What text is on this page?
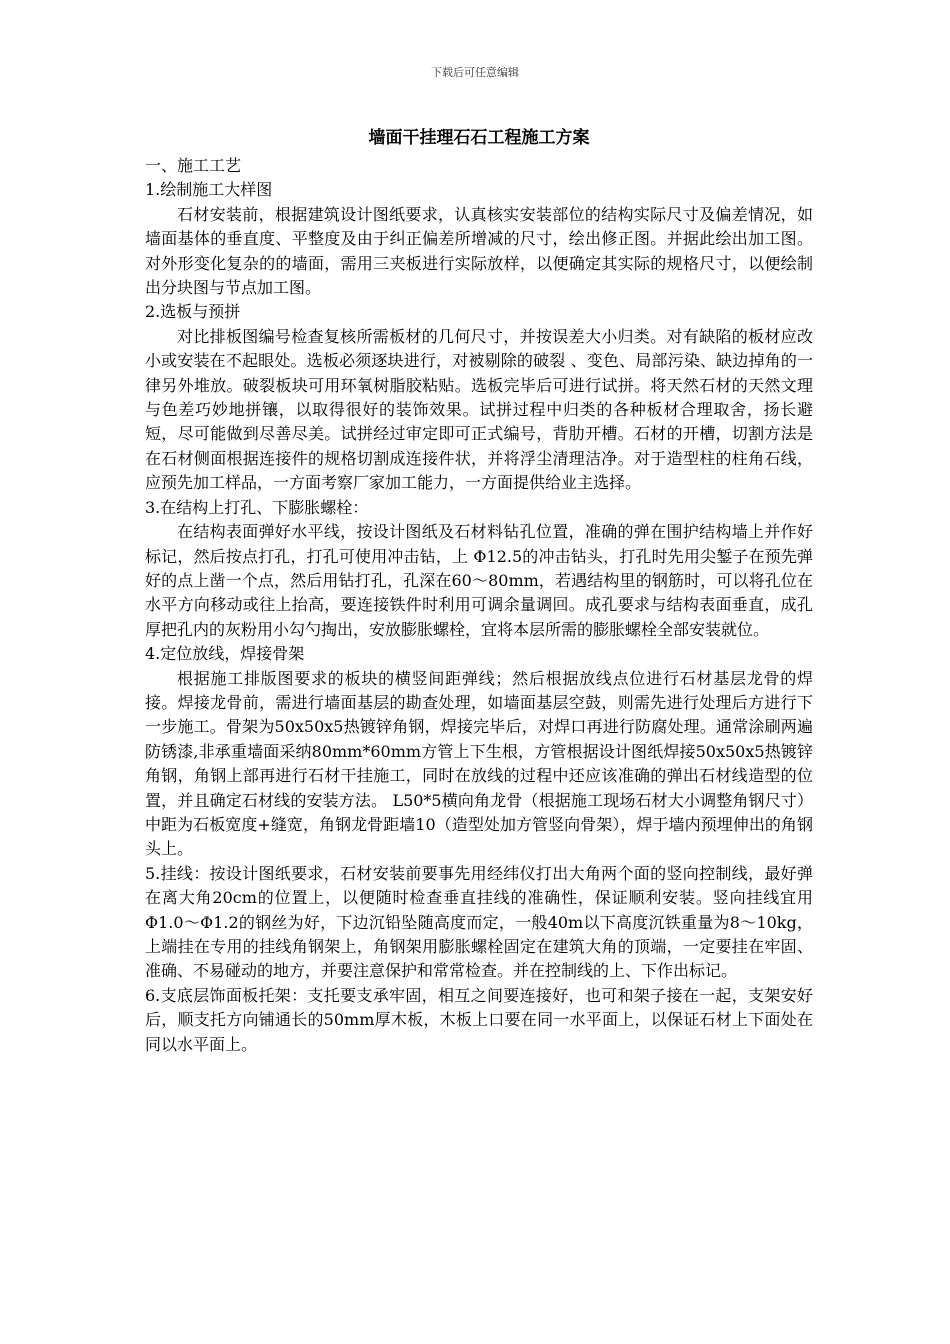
下载后可任意编辑
墙面干挂理石石工程施工方案

一、施工工艺

1.绘制施工大样图

石材安装前，根据建筑设计图纸要求，认真核实安装部位的结构实际尺寸及偏差情况，如墙面基体的垂直度、平整度及由于纠正偏差所增减的尺寸，绘出修正图。并据此绘出加工图。对外形变化复杂的的墙面，需用三夹板进行实际放样，以便确定其实际的规格尺寸，以便绘制出分块图与节点加工图。

2.选板与预拼

对比排板图编号检查复核所需板材的几何尺寸，并按误差大小归类。对有缺陷的板材应改小或安装在不起眼处。选板必须逐块进行，对被剔除的破裂 、变色、局部污染、缺边掉角的一律另外堆放。破裂板块可用环氧树脂胶粘贴。选板完毕后可进行试拼。将天然石材的天然文理与色差巧妙地拼镶，以取得很好的装饰效果。试拼过程中归类的各种板材合理取舍，扬长避短，尽可能做到尽善尽美。试拼经过审定即可正式编号，背肋开槽。石材的开槽，切割方法是在石材侧面根据连接件的规格切割成连接件状，并将浮尘清理洁净。对于造型柱的柱角石线，应预先加工样品，一方面考察厂家加工能力，一方面提供给业主选择。

3.在结构上打孔、下膨胀螺栓：

在结构表面弹好水平线，按设计图纸及石材料钻孔位置，准确的弹在围护结构墙上并作好标记，然后按点打孔，打孔可使用冲击钻，上 Φ12.5的冲击钻头，打孔时先用尖錾子在预先弹好的点上凿一个点，然后用钻打孔，孔深在60～80mm，若遇结构里的钢筋时，可以将孔位在水平方向移动或往上抬高，要连接铁件时利用可调余量调回。成孔要求与结构表面垂直，成孔厚把孔内的灰粉用小勾勺掏出，安放膨胀螺栓，宜将本层所需的膨胀螺栓全部安装就位。

4.定位放线，焊接骨架

根据施工排版图要求的板块的横竖间距弹线；然后根据放线点位进行石材基层龙骨的焊接。焊接龙骨前，需进行墙面基层的勘查处理，如墙面基层空鼓，则需先进行处理后方进行下一步施工。骨架为50x50x5热镀锌角钢，焊接完毕后，对焊口再进行防腐处理。通常涂刷两遍防锈漆,非承重墙面采纳80mm*60mm方管上下生根，方管根据设计图纸焊接50x50x5热镀锌角钢，角钢上部再进行石材干挂施工，同时在放线的过程中还应该准确的弹出石材线造型的位置，并且确定石材线的安装方法。 L50*5横向角龙骨（根据施工现场石材大小调整角钢尺寸）中距为石板宽度+缝宽，角钢龙骨距墙10（造型处加方管竖向骨架），焊于墙内预埋伸出的角钢头上。

5.挂线：按设计图纸要求，石材安装前要事先用经纬仪打出大角两个面的竖向控制线，最好弹在离大角20cm的位置上，以便随时检查垂直挂线的准确性，保证顺利安装。竖向挂线宜用 Φ1.0～Φ1.2的钢丝为好，下边沉铅坠随高度而定，一般40m以下高度沉铁重量为8～10kg，上端挂在专用的挂线角钢架上，角钢架用膨胀螺栓固定在建筑大角的顶端，一定要挂在牢固、准确、不易碰动的地方，并要注意保护和常常检查。并在控制线的上、下作出标记。

6.支底层饰面板托架：支托要支承牢固，相互之间要连接好，也可和架子接在一起，支架安好后，顺支托方向铺通长的50mm厚木板，木板上口要在同一水平面上，以保证石材上下面处在同以水平面上。
